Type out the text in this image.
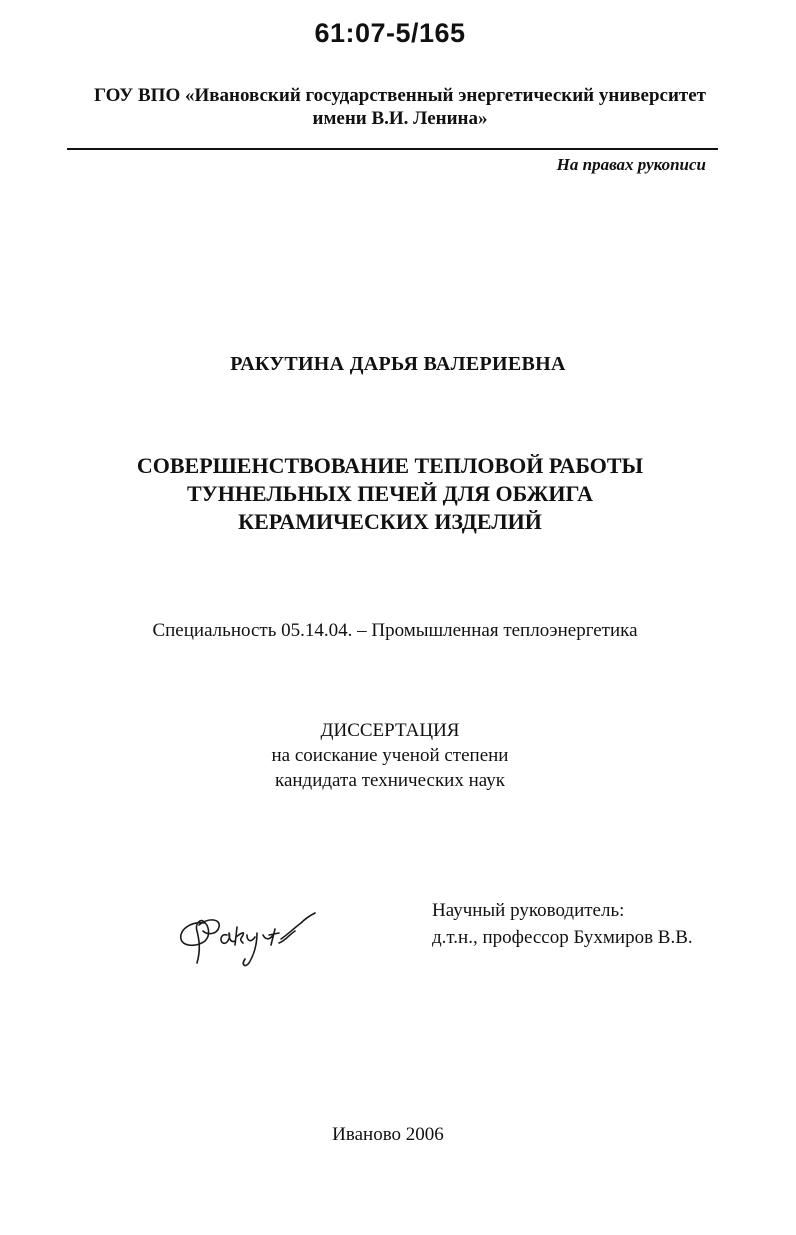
61:07-5/165
ГОУ ВПО «Ивановский государственный энергетический университет
имени В.И. Ленина»
На правах рукописи
РАКУТИНА ДАРЬЯ ВАЛЕРИЕВНА
СОВЕРШЕНСТВОВАНИЕ ТЕПЛОВОЙ РАБОТЫ
ТУННЕЛЬНЫХ ПЕЧЕЙ ДЛЯ ОБЖИГА
КЕРАМИЧЕСКИХ ИЗДЕЛИЙ
Специальность 05.14.04. – Промышленная теплоэнергетика
ДИССЕРТАЦИЯ
на соискание ученой степени
кандидата технических наук
Научный руководитель:
д.т.н., профессор Бухмиров В.В.
Иваново 2006
